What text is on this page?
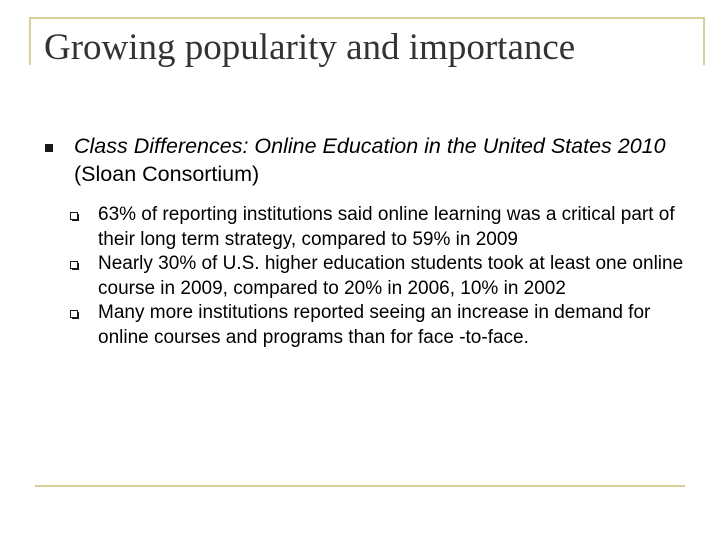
Growing popularity and importance

Class Differences: Online Education in the United States 2010 (Sloan Consortium)

63% of reporting institutions said online learning was a critical part of their long term strategy, compared to 59% in 2009
Nearly 30% of U.S. higher education students took at least one online course in 2009, compared to 20% in 2006, 10% in 2002
Many more institutions reported seeing an increase in demand for online courses and programs than for face -to-face.
